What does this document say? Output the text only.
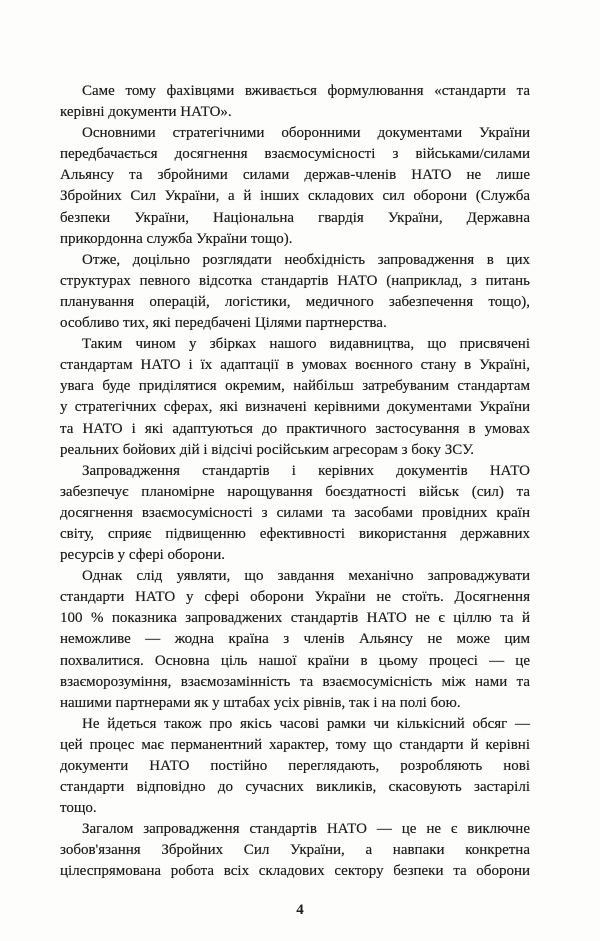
Саме тому фахівцями вживається формулювання «стандарти та
керівні документи НАТО».
Основними стратегічними оборонними документами України
передбачається досягнення взаємосумісності з військами/силами
Альянсу та збройними силами держав-членів НАТО не лише
Збройних Сил України, а й інших складових сил оборони (Служба
безпеки України, Національна гвардія України, Державна
прикордонна служба України тощо).
Отже, доцільно розглядати необхідність запровадження в цих
структурах певного відсотка стандартів НАТО (наприклад, з питань
планування операцій, логістики, медичного забезпечення тощо),
особливо тих, які передбачені Цілями партнерства.
Таким чином у збірках нашого видавництва, що присвячені
стандартам НАТО і їх адаптації в умовах воєнного стану в Україні,
увага буде приділятися окремим, найбільш затребуваним стандартам
у стратегічних сферах, які визначені керівними документами України
та НАТО і які адаптуються до практичного застосування в умовах
реальних бойових дій і відсічі російським агресорам з боку ЗСУ.
Запровадження стандартів і керівних документів НАТО
забезпечує планомірне нарощування боєздатності військ (сил) та
досягнення взаємосумісності з силами та засобами провідних країн
світу, сприяє підвищенню ефективності використання державних
ресурсів у сфері оборони.
Однак слід уявляти, що завдання механічно запроваджувати
стандарти НАТО у сфері оборони України не стоїть. Досягнення
100 % показника запроваджених стандартів НАТО не є ціллю та й
неможливе — жодна країна з членів Альянсу не може цим
похвалитися. Основна ціль нашої країни в цьому процесі — це
взаєморозуміння, взаємозамінність та взаємосумісність між нами та
нашими партнерами як у штабах усіх рівнів, так і на полі бою.
Не йдеться також про якісь часові рамки чи кількісний обсяг —
цей процес має перманентний характер, тому що стандарти й керівні
документи НАТО постійно переглядають, розробляють нові
стандарти відповідно до сучасних викликів, скасовують застарілі
тощо.
Загалом запровадження стандартів НАТО — це не є виключне
зобов'язання Збройних Сил України, а навпаки конкретна
цілеспрямована робота всіх складових сектору безпеки та оборони
4
